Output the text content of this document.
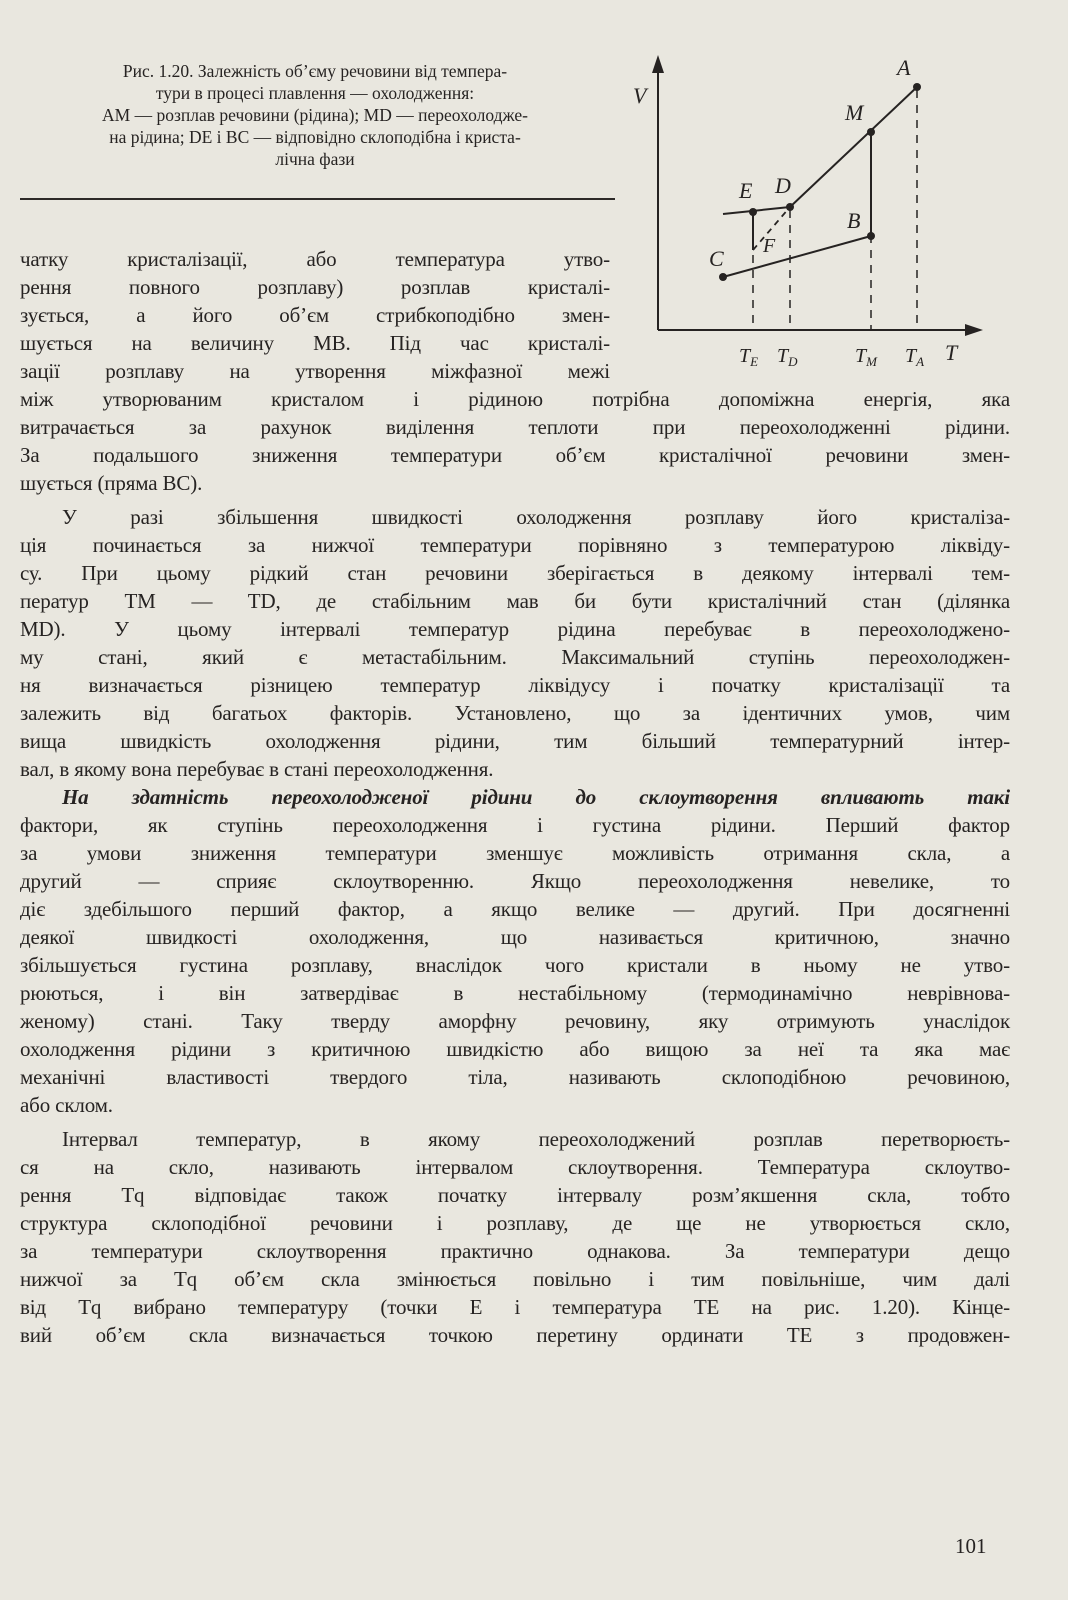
Рис. 1.20. Залежність об’єму речовини від темпера-
тури в процесі плавлення — охолодження:
AM — розплав речовини (рідина); MD — переохолодже-
на рідина; DE і BC — відповідно склоподібна і криста-
лічна фази
V
T
A
M
B
D
E
F
C
$T_E$ $T_D$	$T_M$ $T_A$
чатку кристалізації, або температура утво-
рення повного розплаву) розплав кристалі-
зується, а його об’єм стрибкоподібно змен-
шується на величину MB. Під час кристалі-
зації розплаву на утворення міжфазної межі
між утворюваним кристалом і рідиною потрібна допоміжна енергія, яка
витрачається за рахунок виділення теплоти при переохолодженні рідини.
За подальшого зниження температури об’єм кристалічної речовини змен-
шується (пряма BC).
У разі збільшення швидкості охолодження розплаву його кристаліза-
ція починається за нижчої температури порівняно з температурою ліквіду-
су. При цьому рідкий стан речовини зберігається в деякому інтервалі тем-
ператур TM — TD, де стабільним мав би бути кристалічний стан (ділянка
MD). У цьому інтервалі температур рідина перебуває в переохолоджено-
му стані, який є метастабільним. Максимальний ступінь переохолоджен-
ня визначається різницею температур ліквідусу і початку кристалізації та
залежить від багатьох факторів. Установлено, що за ідентичних умов, чим
вища швидкість охолодження рідини, тим більший температурний інтер-
вал, в якому вона перебуває в стані переохолодження.
На здатність переохолодженої рідини до склоутворення впливають такі
фактори, як ступінь переохолодження і густина рідини. Перший фактор
за умови зниження температури зменшує можливість отримання скла, а
другий — сприяє склоутворенню. Якщо переохолодження невелике, то
діє здебільшого перший фактор, а якщо велике — другий. При досягненні
деякої швидкості охолодження, що називається критичною, значно
збільшується густина розплаву, внаслідок чого кристали в ньому не утво-
рюються, і він затвердіває в нестабільному (термодинамічно неврівнова-
женому) стані. Таку тверду аморфну речовину, яку отримують унаслідок
охолодження рідини з критичною швидкістю або вищою за неї та яка має
механічні властивості твердого тіла, називають склоподібною речовиною,
або склом.
Інтервал температур, в якому переохолоджений розплав перетворюєть-
ся на скло, називають інтервалом склоутворення. Температура склоутво-
рення Tq відповідає також початку інтервалу розм’якшення скла, тобто
структура склоподібної речовини і розплаву, де ще не утворюється скло,
за температури склоутворення практично однакова. За температури дещо
нижчої за Tq об’єм скла змінюється повільно і тим повільніше, чим далі
від Tq вибрано температуру (точки E і температура TE на рис. 1.20). Кінце-
вий об’єм скла визначається точкою перетину ординати TE з продовжен-
101
